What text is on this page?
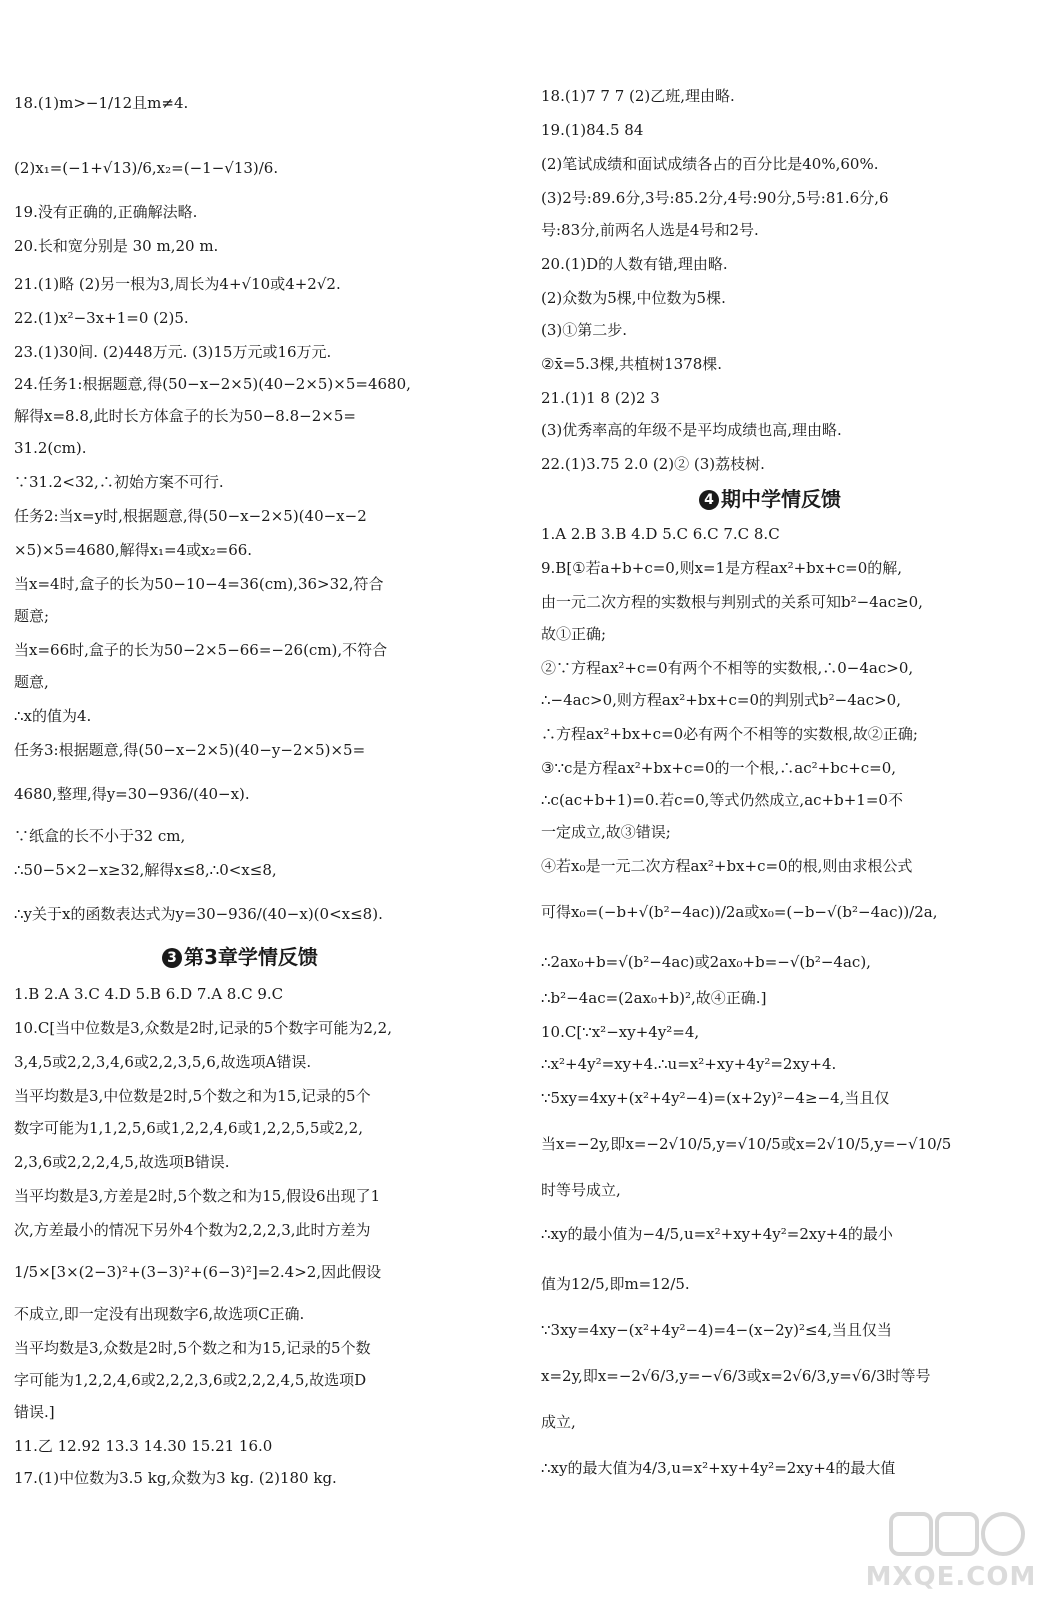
18.(1)m>−1/12且m≠4.
(2)x₁=(−1+√13)/6,x₂=(−1−√13)/6.
19.没有正确的,正确解法略.
20.长和宽分别是 30 m,20 m.
21.(1)略 (2)另一根为3,周长为4+√10或4+2√2.
22.(1)x²−3x+1=0 (2)5.
23.(1)30间. (2)448万元. (3)15万元或16万元.
24.任务1:根据题意,得(50−x−2×5)(40−2×5)×5=4680,
解得x=8.8,此时长方体盒子的长为50−8.8−2×5=
31.2(cm).
∵31.2<32,∴初始方案不可行.
任务2:当x=y时,根据题意,得(50−x−2×5)(40−x−2
×5)×5=4680,解得x₁=4或x₂=66.
当x=4时,盒子的长为50−10−4=36(cm),36>32,符合
题意;
当x=66时,盒子的长为50−2×5−66=−26(cm),不符合
题意,
∴x的值为4.
任务3:根据题意,得(50−x−2×5)(40−y−2×5)×5=
4680,整理,得y=30−936/(40−x).
∵纸盒的长不小于32 cm,
∴50−5×2−x≥32,解得x≤8,∴0<x≤8,
∴y关于x的函数表达式为y=30−936/(40−x)(0<x≤8).
3 第3章学情反馈
1.B 2.A 3.C 4.D 5.B 6.D 7.A 8.C 9.C
10.C[当中位数是3,众数是2时,记录的5个数字可能为2,2,
3,4,5或2,2,3,4,6或2,2,3,5,6,故选项A错误.
当平均数是3,中位数是2时,5个数之和为15,记录的5个
数字可能为1,1,2,5,6或1,2,2,4,6或1,2,2,5,5或2,2,
2,3,6或2,2,2,4,5,故选项B错误.
当平均数是3,方差是2时,5个数之和为15,假设6出现了1
次,方差最小的情况下另外4个数为2,2,2,3,此时方差为
1/5×[3×(2−3)²+(3−3)²+(6−3)²]=2.4>2,因此假设
不成立,即一定没有出现数字6,故选项C正确.
当平均数是3,众数是2时,5个数之和为15,记录的5个数
字可能为1,2,2,4,6或2,2,2,3,6或2,2,2,4,5,故选项D
错误.]
11.乙 12.92 13.3 14.30 15.21 16.0
17.(1)中位数为3.5 kg,众数为3 kg. (2)180 kg.
18.(1)7 7 7 (2)乙班,理由略.
19.(1)84.5 84
(2)笔试成绩和面试成绩各占的百分比是40%,60%.
(3)2号:89.6分,3号:85.2分,4号:90分,5号:81.6分,6
号:83分,前两名人选是4号和2号.
20.(1)D的人数有错,理由略.
(2)众数为5棵,中位数为5棵.
(3)①第二步.
②x̄=5.3棵,共植树1378棵.
21.(1)1 8 (2)2 3
(3)优秀率高的年级不是平均成绩也高,理由略.
22.(1)3.75 2.0 (2)② (3)荔枝树.
4 期中学情反馈
1.A 2.B 3.B 4.D 5.C 6.C 7.C 8.C
9.B[①若a+b+c=0,则x=1是方程ax²+bx+c=0的解,
由一元二次方程的实数根与判别式的关系可知b²−4ac≥0,
故①正确;
②∵方程ax²+c=0有两个不相等的实数根,∴0−4ac>0,
∴−4ac>0,则方程ax²+bx+c=0的判别式b²−4ac>0,
∴方程ax²+bx+c=0必有两个不相等的实数根,故②正确;
③∵c是方程ax²+bx+c=0的一个根,∴ac²+bc+c=0,
∴c(ac+b+1)=0.若c=0,等式仍然成立,ac+b+1=0不
一定成立,故③错误;
④若x₀是一元二次方程ax²+bx+c=0的根,则由求根公式
可得x₀=(−b+√(b²−4ac))/2a或x₀=(−b−√(b²−4ac))/2a,
∴2ax₀+b=√(b²−4ac)或2ax₀+b=−√(b²−4ac),
∴b²−4ac=(2ax₀+b)²,故④正确.]
10.C[∵x²−xy+4y²=4,
∴x²+4y²=xy+4.∴u=x²+xy+4y²=2xy+4.
∵5xy=4xy+(x²+4y²−4)=(x+2y)²−4≥−4,当且仅
当x=−2y,即x=−2√10/5,y=√10/5或x=2√10/5,y=−√10/5
时等号成立,
∴xy的最小值为−4/5,u=x²+xy+4y²=2xy+4的最小
值为12/5,即m=12/5.
∵3xy=4xy−(x²+4y²−4)=4−(x−2y)²≤4,当且仅当
x=2y,即x=−2√6/3,y=−√6/3或x=2√6/3,y=√6/3时等号
成立,
∴xy的最大值为4/3,u=x²+xy+4y²=2xy+4的最大值
MXQE.COM
